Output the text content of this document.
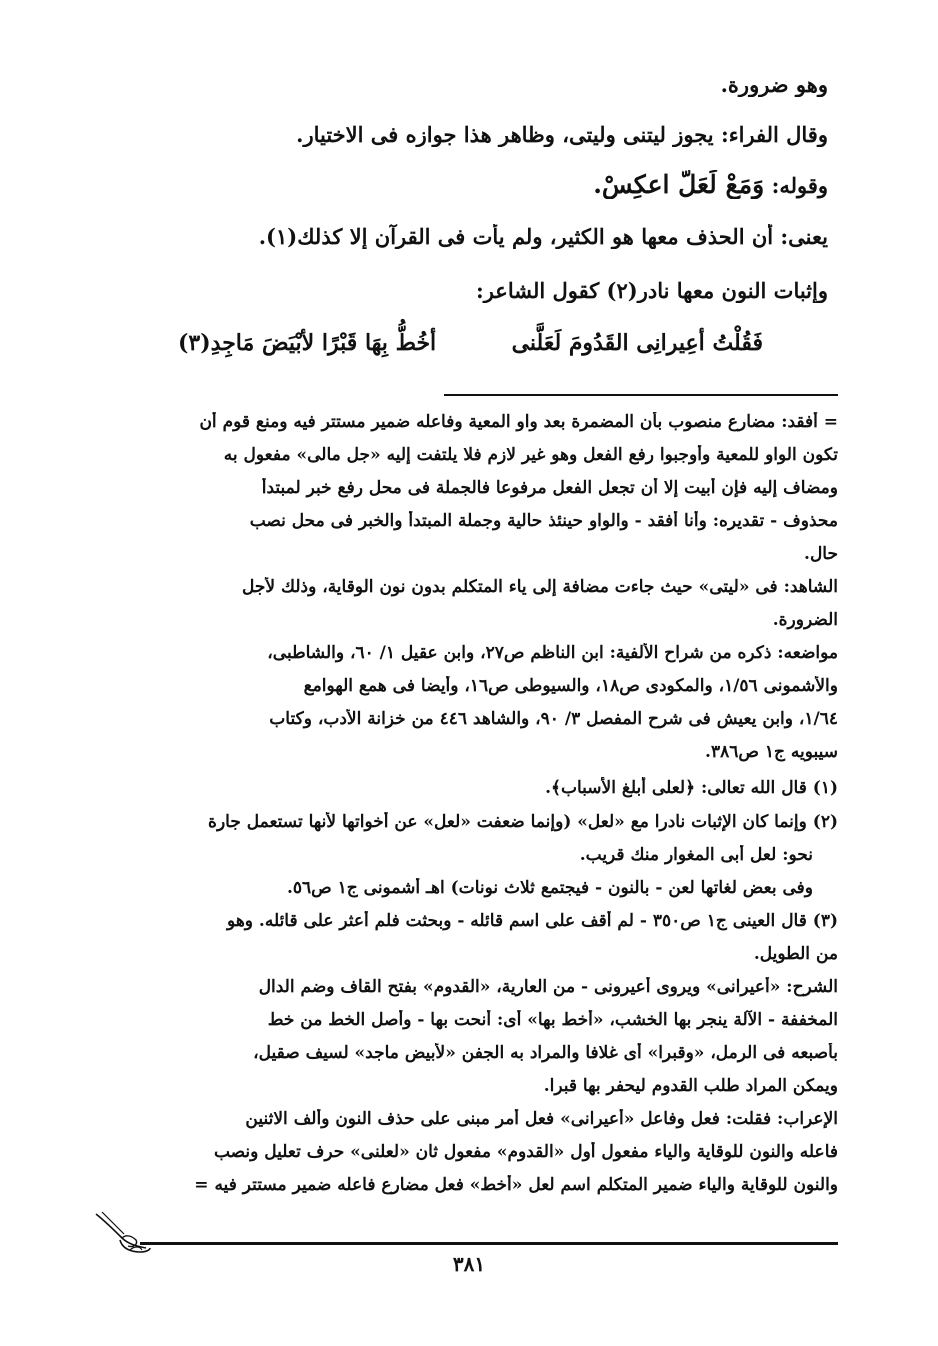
وهو ضرورة.
وقال الفراء: يجوز ليتنى وليتى، وظاهر هذا جوازه فى الاختيار.
وقوله: وَمَعْ لَعَلَّ اعكِسْ.
يعنى: أن الحذف معها هو الكثير، ولم يأت فى القرآن إلا كذلك(١).
وإثبات النون معها نادر(٢) كقول الشاعر:
فَقُلْتُ أعِيرانِى القَدُومَ لَعَلَّنى
أخُطُّ بِهَا قَبْرًا لأبْيَضَ مَاجِدِ(٣)
= أفقد: مضارع منصوب بأن المضمرة بعد واو المعية وفاعله ضمير مستتر فيه ومنع قوم أن
تكون الواو للمعية وأوجبوا رفع الفعل وهو غير لازم فلا يلتفت إليه «جل مالى» مفعول به
ومضاف إليه فإن أبيت إلا أن تجعل الفعل مرفوعا فالجملة فى محل رفع خبر لمبتدأ
محذوف - تقديره: وأنا أفقد - والواو حينئذ حالية وجملة المبتدأ والخبر فى محل نصب
حال.
الشاهد: فى «ليتى» حيث جاءت مضافة إلى ياء المتكلم بدون نون الوقاية، وذلك لأجل
الضرورة.
مواضعه: ذكره من شراح الألفية: ابن الناظم ص٢٧، وابن عقيل ١/ ٦٠، والشاطبى،
والأشمونى ١/٥٦، والمكودى ص١٨، والسيوطى ص١٦، وأيضا فى همع الهوامع
١/٦٤، وابن يعيش فى شرح المفصل ٣/ ٩٠، والشاهد ٤٤٦ من خزانة الأدب، وكتاب
سيبويه ج١ ص٣٨٦.
(١) قال الله تعالى: ﴿لعلى أبلغ الأسباب﴾.
(٢) وإنما كان الإثبات نادرا مع «لعل» (وإنما ضعفت «لعل» عن أخواتها لأنها تستعمل جارة
نحو: لعل أبى المغوار منك قريب.
وفى بعض لغاتها لعن - بالنون - فيجتمع ثلاث نونات) اهـ أشمونى ج١ ص٥٦.
(٣) قال العينى ج١ ص٣٥٠ - لم أقف على اسم قائله - وبحثت فلم أعثر على قائله. وهو
من الطويل.
الشرح: «أعيرانى» ويروى أعيرونى - من العارية، «القدوم» بفتح القاف وضم الدال
المخففة - الآلة ينجر بها الخشب، «أخط بها» أى: أنحت بها - وأصل الخط من خط
بأصبعه فى الرمل، «وقبرا» أى غلافا والمراد به الجفن «لأبيض ماجد» لسيف صقيل،
ويمكن المراد طلب القدوم ليحفر بها قبرا.
الإعراب: فقلت: فعل وفاعل «أعيرانى» فعل أمر مبنى على حذف النون وألف الاثنين
فاعله والنون للوقاية والياء مفعول أول «القدوم» مفعول ثان «لعلنى» حرف تعليل ونصب
والنون للوقاية والياء ضمير المتكلم اسم لعل «أخط» فعل مضارع فاعله ضمير مستتر فيه =
٣٨١
